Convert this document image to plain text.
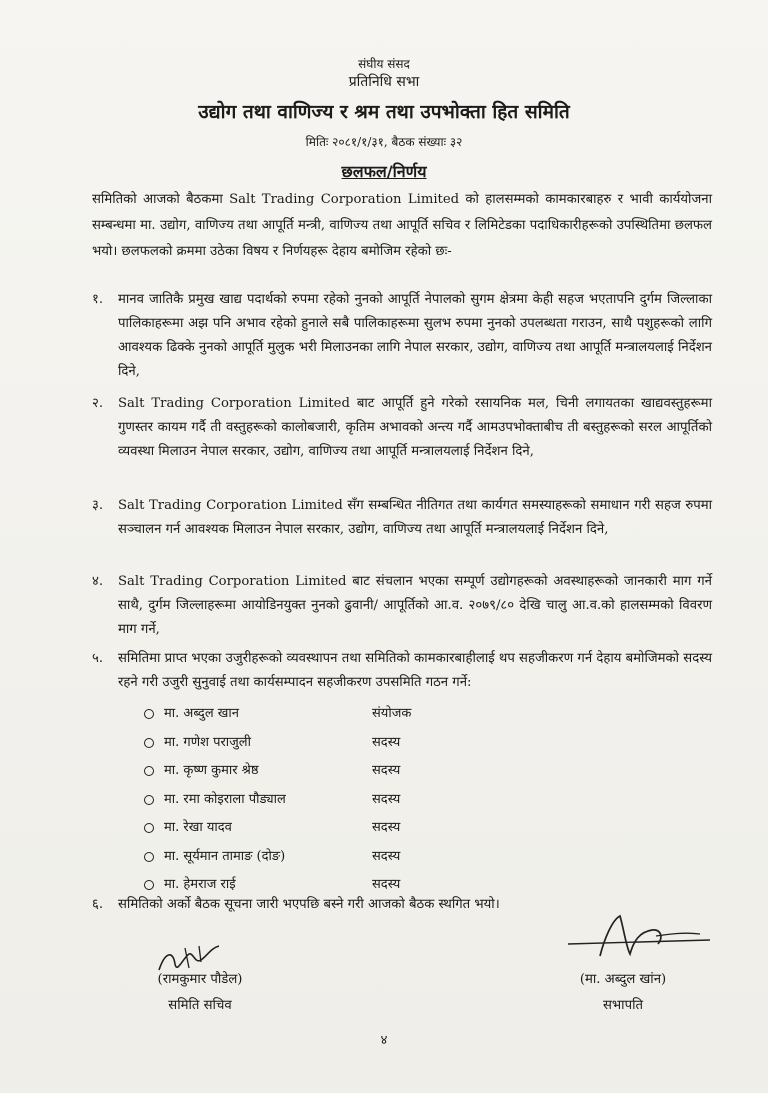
संघीय संसद
प्रतिनिधि सभा
उद्योग तथा वाणिज्य र श्रम तथा उपभोक्ता हित समिति
मितिः २०८१/१/३१, बैठक संख्याः ३२
छलफल/निर्णय
समितिको आजको बैठकमा Salt Trading Corporation Limited को हालसम्मको कामकारबाहरु र भावी कार्ययोजना सम्बन्धमा मा. उद्योग, वाणिज्य तथा आपूर्ति मन्त्री, वाणिज्य तथा आपूर्ति सचिव र लिमिटेडका पदाधिकारीहरूको उपस्थितिमा छलफल भयो। छलफलको क्रममा उठेका विषय र निर्णयहरू देहाय बमोजिम रहेको छः-
१.	मानव जातिकै प्रमुख खाद्य पदार्थको रुपमा रहेको नुनको आपूर्ति नेपालको सुगम क्षेत्रमा केही सहज भएतापनि दुर्गम जिल्लाका पालिकाहरूमा अझ पनि अभाव रहेको हुनाले सबै पालिकाहरूमा सुलभ रुपमा नुनको उपलब्धता गराउन, साथै पशुहरूको लागि आवश्यक ढिक्के नुनको आपूर्ति मुलुक भरी मिलाउनका लागि नेपाल सरकार, उद्योग, वाणिज्य तथा आपूर्ति मन्त्रालयलाई निर्देशन दिने,
२.	Salt Trading Corporation Limited बाट आपूर्ति हुने गरेको रसायनिक मल, चिनी लगायतका खाद्यवस्तुहरूमा गुणस्तर कायम गर्दै ती वस्तुहरूको कालोबजारी, कृतिम अभावको अन्त्य गर्दै आमउपभोक्ताबीच ती बस्तुहरूको सरल आपूर्तिको व्यवस्था मिलाउन नेपाल सरकार, उद्योग, वाणिज्य तथा आपूर्ति मन्त्रालयलाई निर्देशन दिने,
३.	Salt Trading Corporation Limited सँग सम्बन्धित नीतिगत तथा कार्यगत समस्याहरूको समाधान गरी सहज रुपमा सञ्चालन गर्न आवश्यक मिलाउन नेपाल सरकार, उद्योग, वाणिज्य तथा आपूर्ति मन्त्रालयलाई निर्देशन दिने,
४.	Salt Trading Corporation Limited बाट संचलान भएका सम्पूर्ण उद्योगहरूको अवस्थाहरूको जानकारी माग गर्ने साथै, दुर्गम जिल्लाहरूमा आयोडिनयुक्त नुनको ढुवानी/ आपूर्तिको आ.व. २०७९/८० देखि चालु आ.व.को हालसम्मको विवरण माग गर्ने,
५.	समितिमा प्राप्त भएका उजुरीहरूको व्यवस्थापन तथा समितिको कामकारबाहीलाई थप सहजीकरण गर्न देहाय बमोजिमको सदस्य रहने गरी उजुरी सुनुवाई तथा कार्यसम्पादन सहजीकरण उपसमिति गठन गर्ने:
मा. अब्दुल खान	संयोजक
मा. गणेश पराजुली	सदस्य
मा. कृष्ण कुमार श्रेष्ठ	सदस्य
मा. रमा कोइराला पौड्याल	सदस्य
मा. रेखा यादव	सदस्य
मा. सूर्यमान तामाङ (दोङ)	सदस्य
मा. हेमराज राई	सदस्य
६.	समितिको अर्को बैठक सूचना जारी भएपछि बस्ने गरी आजको बैठक स्थगित भयो।
(रामकुमार पौडेल)
समिति सचिव
(मा. अब्दुल खांन)
सभापति
४
